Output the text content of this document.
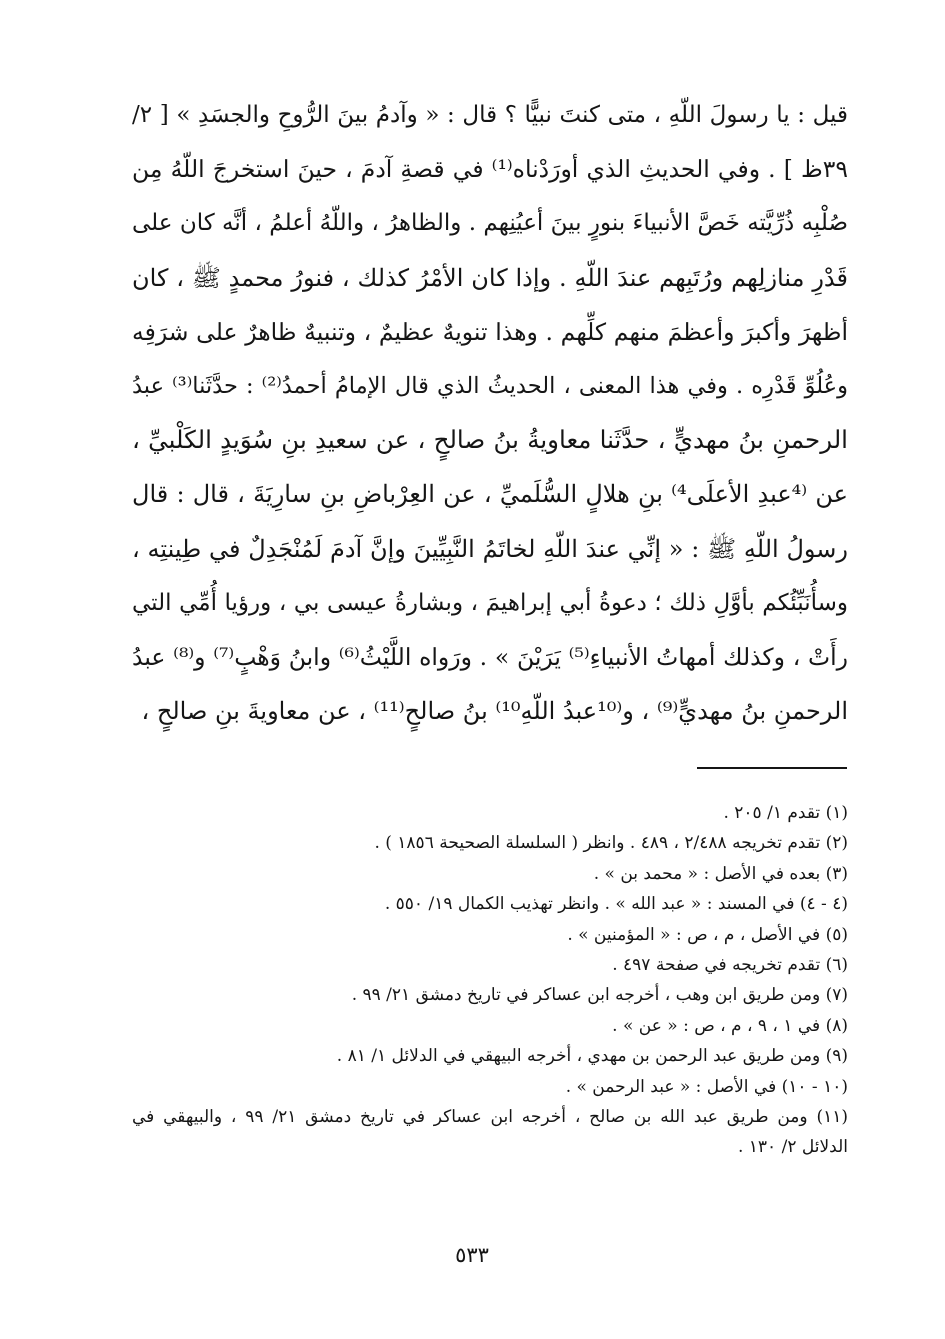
قيل : يا رسولَ اللّهِ ، متى كنتَ نبيًّا ؟ قال : « وآدمُ بينَ الرُّوحِ والجسَدِ » [ ٢/
٣٩ظ ] . وفي الحديثِ الذي أورَدْناه⁽¹⁾ في قصةِ آدمَ ، حينَ استخرجَ اللّهُ مِن
صُلْبِه ذُرِّيَّته خَصَّ الأنبياءَ بنورٍ بينَ أعيُنِهم . والظاهرُ ، واللّهُ أعلمُ ، أنَّه كان على
قَدْرِ منازلِهم ورُتَبِهم عندَ اللّهِ . وإذا كان الأمْرُ كذلك ، فنورُ محمدٍ ﷺ ، كان
أظهرَ وأكبرَ وأعظمَ منهم كلِّهم . وهذا تنويهٌ عظيمٌ ، وتنبيهٌ ظاهرٌ على شرَفِه
وعُلُوِّ قَدْرِه . وفي هذا المعنى ، الحديثُ الذي قال الإمامُ أحمدُ⁽²⁾ : حدَّثَنا⁽³⁾ عبدُ
الرحمنِ بنُ مهديٍّ ، حدَّثَنا معاويةُ بنُ صالحٍ ، عن سعيدِ بنِ سُوَيدٍ الكَلْبيِّ ،
عن ⁽⁴عبدِ الأعلَى⁴⁾ بنِ هلالٍ السُّلَميِّ ، عن العِرْباضِ بنِ سارِيَةَ ، قال : قال
رسولُ اللّهِ ﷺ : « إنِّي عندَ اللّهِ لخاتَمُ النَّبِيِّينَ وإنَّ آدمَ لَمُنْجَدِلٌ في طِينتِه ،
وسأُنَبِّئُكم بأوَّلِ ذلك ؛ دعوةُ أبي إبراهيمَ ، وبشارةُ عيسى بي ، ورؤيا أُمِّي التي
رأَتْ ، وكذلك أمهاتُ الأنبياءِ⁽⁵⁾ يَرَيْنَ » . ورَواه اللَّيْثُ⁽⁶⁾ وابنُ وَهْبٍ⁽⁷⁾ و⁽⁸⁾ عبدُ
الرحمنِ بنُ مهديٍّ⁽⁹⁾ ، و⁽¹⁰عبدُ اللّهِ¹⁰⁾ بنُ صالحٍ⁽¹¹⁾ ، عن معاويةَ بنِ صالحٍ ،
(١) تقدم ١/ ٢٠٥ .
(٢) تقدم تخريجه ٢/٤٨٨ ، ٤٨٩ . وانظر ( السلسلة الصحيحة ١٨٥٦ ) .
(٣) بعده في الأصل : « محمد بن » .
(٤ - ٤) في المسند : « عبد الله » . وانظر تهذيب الكمال ١٩/ ٥٥٠ .
(٥) في الأصل ، م ، ص : « المؤمنين » .
(٦) تقدم تخريجه في صفحة ٤٩٧ .
(٧) ومن طريق ابن وهب ، أخرجه ابن عساكر في تاريخ دمشق ٢١/ ٩٩ .
(٨) في ١ ، ٩ ، م ، ص : « عن » .
(٩) ومن طريق عبد الرحمن بن مهدي ، أخرجه البيهقي في الدلائل ١/ ٨١ .
(١٠ - ١٠) في الأصل : « عبد الرحمن » .
(١١) ومن طريق عبد الله بن صالح ، أخرجه ابن عساكر في تاريخ دمشق ٢١/ ٩٩ ، والبيهقي في
الدلائل ٢/ ١٣٠ .
٥٣٣
